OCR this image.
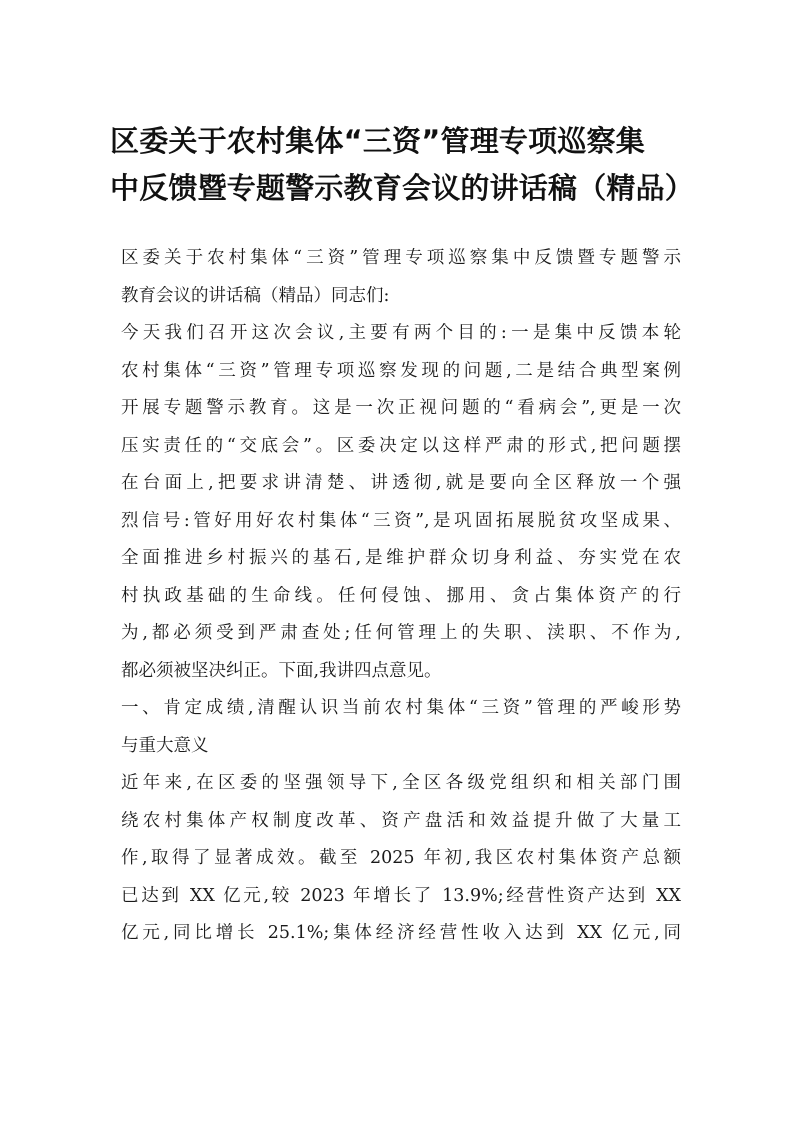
区委关于农村集体“三资”管理专项巡察集
中反馈暨专题警示教育会议的讲话稿（精品）
区委关于农村集体“三资”管理专项巡察集中反馈暨专题警示
教育会议的讲话稿（精品）同志们:
今天我们召开这次会议,主要有两个目的:一是集中反馈本轮
农村集体“三资”管理专项巡察发现的问题,二是结合典型案例
开展专题警示教育。这是一次正视问题的“看病会”,更是一次
压实责任的“交底会”。区委决定以这样严肃的形式,把问题摆
在台面上,把要求讲清楚、讲透彻,就是要向全区释放一个强
烈信号:管好用好农村集体“三资”,是巩固拓展脱贫攻坚成果、
全面推进乡村振兴的基石,是维护群众切身利益、夯实党在农
村执政基础的生命线。任何侵蚀、挪用、贪占集体资产的行
为,都必须受到严肃查处;任何管理上的失职、渎职、不作为,
都必须被坚决纠正。下面,我讲四点意见。
一、肯定成绩,清醒认识当前农村集体“三资”管理的严峻形势
与重大意义
近年来,在区委的坚强领导下,全区各级党组织和相关部门围
绕农村集体产权制度改革、资产盘活和效益提升做了大量工
作,取得了显著成效。截至 2025 年初,我区农村集体资产总额
已达到 XX 亿元,较 2023 年增长了 13.9%;经营性资产达到 XX
亿元,同比增长 25.1%;集体经济经营性收入达到 XX 亿元,同
